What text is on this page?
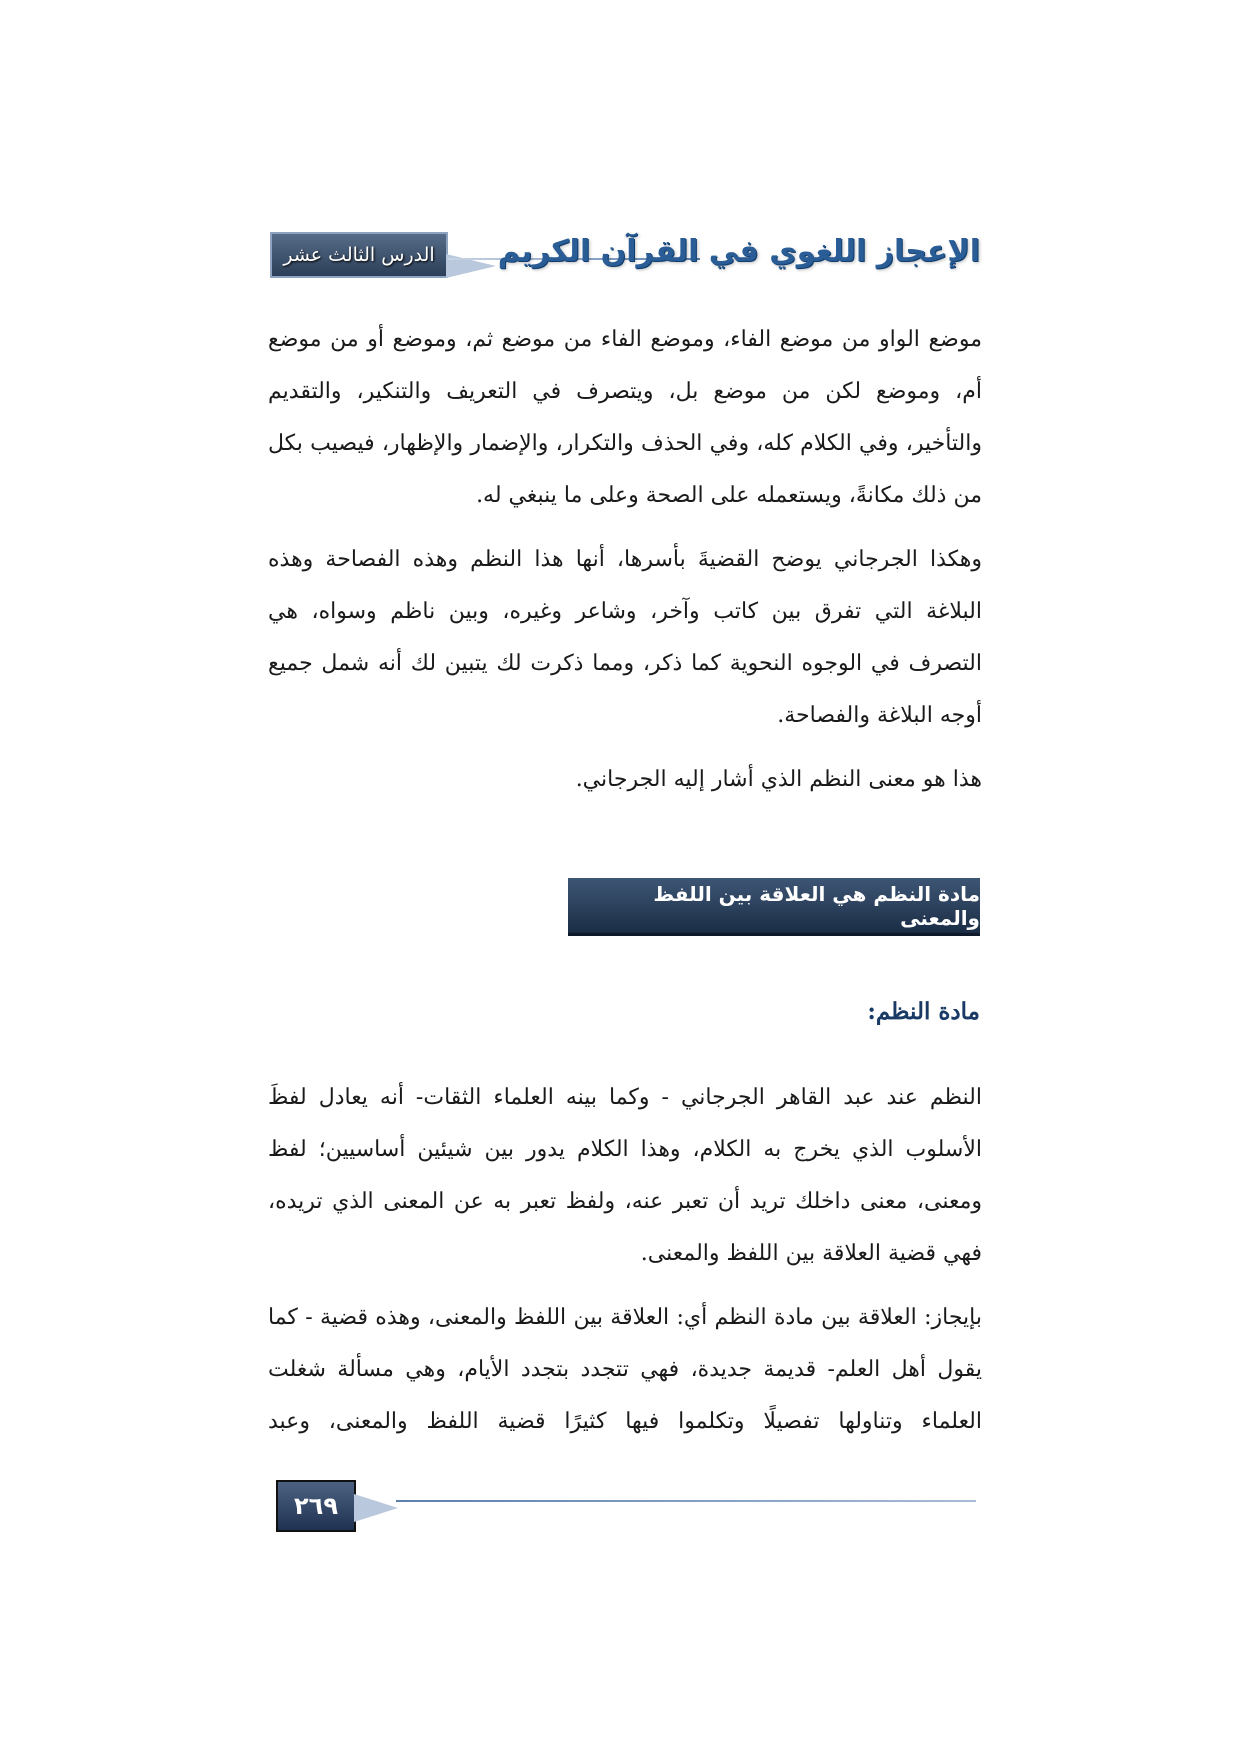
الدرس الثالث عشر الإعجاز اللغوي في القرآن الكريم

موضع الواو من موضع الفاء، وموضع الفاء من موضع ثم، وموضع أو من موضع أم، وموضع لكن من موضع بل، ويتصرف في التعريف والتنكير، والتقديم والتأخير، وفي الكلام كله، وفي الحذف والتكرار، والإضمار والإظهار، فيصيب بكل من ذلك مكانةً، ويستعمله على الصحة وعلى ما ينبغي له.

وهكذا الجرجاني يوضح القضيةَ بأسرها، أنها هذا النظم وهذه الفصاحة وهذه البلاغة التي تفرق بين كاتب وآخر، وشاعر وغيره، وبين ناظم وسواه، هي التصرف في الوجوه النحوية كما ذكر، ومما ذكرت لك يتبين لك أنه شمل جميع أوجه البلاغة والفصاحة.

هذا هو معنى النظم الذي أشار إليه الجرجاني.

مادة النظم هي العلاقة بين اللفظ والمعنى
مادة النظم:

النظم عند عبد القاهر الجرجاني - وكما بينه العلماء الثقات- أنه يعادل لفظَ الأسلوب الذي يخرج به الكلام، وهذا الكلام يدور بين شيئين أساسيين؛ لفظ ومعنى، معنى داخلك تريد أن تعبر عنه، ولفظ تعبر به عن المعنى الذي تريده، فهي قضية العلاقة بين اللفظ والمعنى.

بإيجاز: العلاقة بين مادة النظم أي: العلاقة بين اللفظ والمعنى، وهذه قضية - كما يقول أهل العلم- قديمة جديدة، فهي تتجدد بتجدد الأيام، وهي مسألة شغلت العلماء وتناولها تفصيلًا وتكلموا فيها كثيرًا قضية اللفظ والمعنى، وعبد

٢٦٩
